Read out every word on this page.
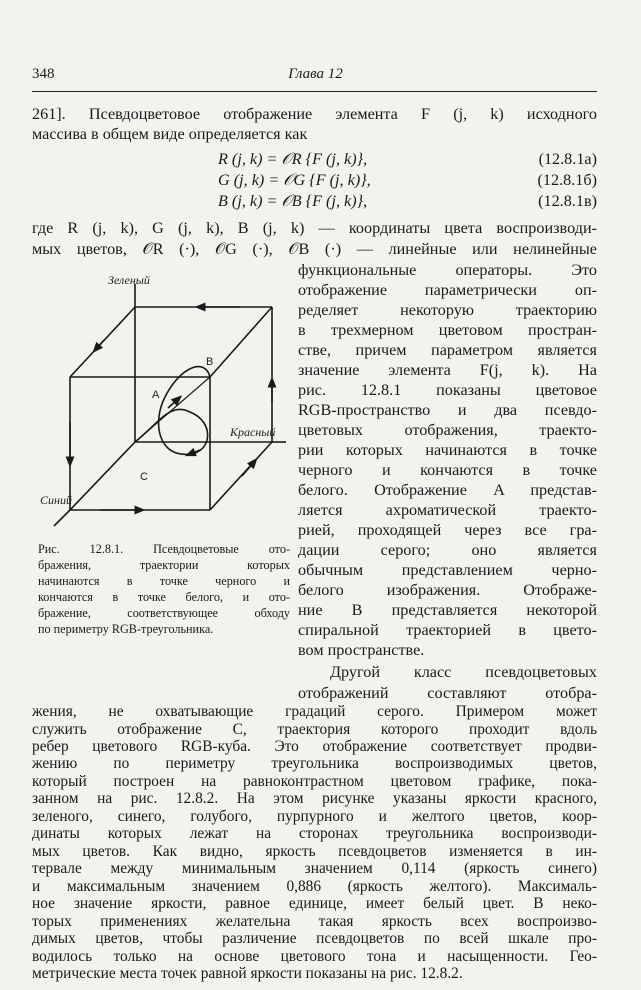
348	Глава 12
261]. Псевдоцветовое отображение элемента F (j, k) исходного
массива в общем виде определяется как
R (j, k) = 𝒪R {F (j, k)},	(12.8.1а)
G (j, k) = 𝒪G {F (j, k)},	(12.8.1б)
B (j, k) = 𝒪B {F (j, k)},	(12.8.1в)
где R (j, k), G (j, k), B (j, k) — координаты цвета воспроизводи-
мых цветов, 𝒪R (·), 𝒪G (·), 𝒪B (·) — линейные или нелинейные
функциональные операторы. Это
отображение параметрически оп-
ределяет некоторую траекторию
в трехмерном цветовом простран-
стве, причем параметром является
значение элемента F(j, k). На
рис. 12.8.1 показаны цветовое
RGB-пространство и два псевдо-
цветовых отображения, траекто-
рии которых начинаются в точке
черного и кончаются в точке
белого. Отображение A представ-
ляется ахроматической траекто-
рией, проходящей через все гра-
дации серого; оно является
обычным представлением черно-
белого изображения. Отображе-
ние B представляется некоторой
спиральной траекторией в цвето-
вом пространстве.
Другой класс псевдоцветовых
отображений составляют отобра-
Зеленый
Красный
Синий
A
B
C
Рис. 12.8.1. Псевдоцветовые ото-
бражения, траектории которых
начинаются в точке черного и
кончаются в точке белого, и ото-
бражение, соответствующее обходу
по периметру RGB-треугольника.
жения, не охватывающие градаций серого. Примером может
служить отображение C, траектория которого проходит вдоль
ребер цветового RGB-куба. Это отображение соответствует продви-
жению по периметру треугольника воспроизводимых цветов,
который построен на равноконтрастном цветовом графике, пока-
занном на рис. 12.8.2. На этом рисунке указаны яркости красного,
зеленого, синего, голубого, пурпурного и желтого цветов, коор-
динаты которых лежат на сторонах треугольника воспроизводи-
мых цветов. Как видно, яркость псевдоцветов изменяется в ин-
тервале между минимальным значением 0,114 (яркость синего)
и максимальным значением 0,886 (яркость желтого). Максималь-
ное значение яркости, равное единице, имеет белый цвет. В неко-
торых применениях желательна такая яркость всех воспроизво-
димых цветов, чтобы различение псевдоцветов по всей шкале про-
водилось только на основе цветового тона и насыщенности. Гео-
метрические места точек равной яркости показаны на рис. 12.8.2.
